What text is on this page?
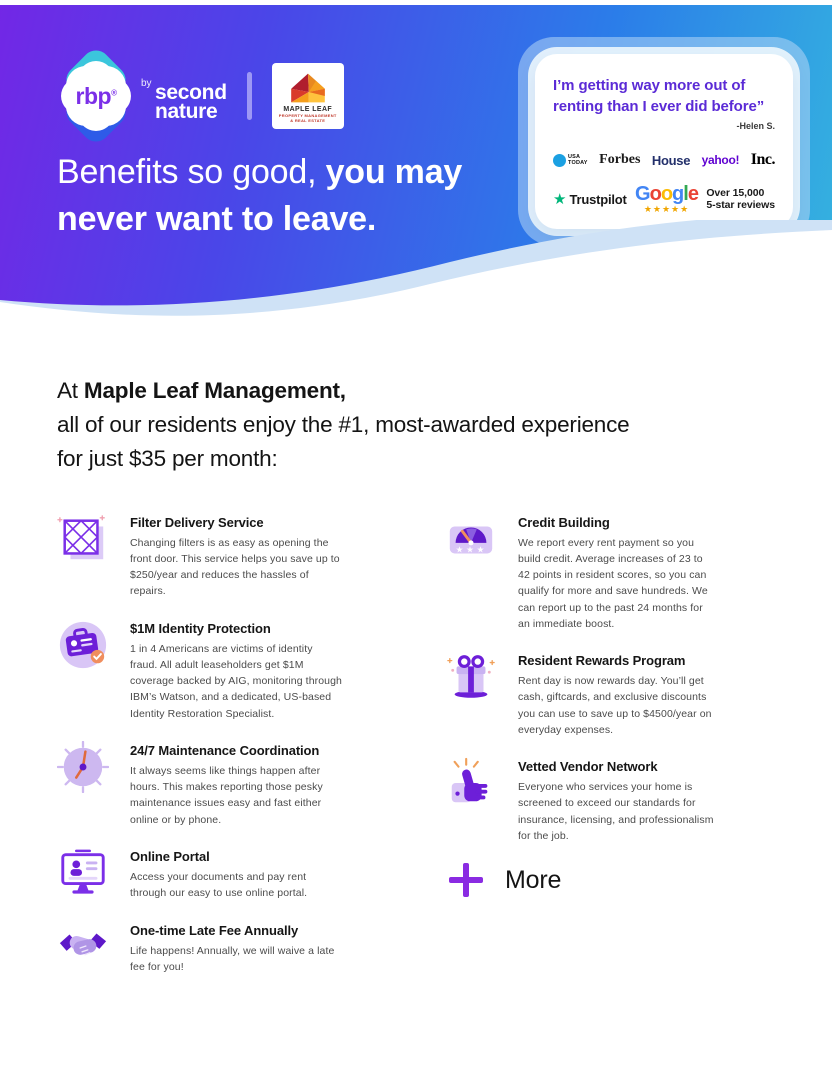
rbp®
by second
nature	MAPLE LEAF
PROPERTY MANAGEMENT
& REAL ESTATE
Benefits so good, you may never want to leave.
I’m getting way more out of renting than I ever did before”
-Helen S.
USA
TODAY Forbes House yahoo! Inc.
★ Trustpilot Google
★★★★★
Over 15,000
5-star reviews
At Maple Leaf Management,
all of our residents enjoy the #1, most-awarded experience
for just $35 per month:
Filter Delivery Service
Changing filters is as easy as opening the front door. This service helps you save up to $250/year and reduces the hassles of repairs.
$1M Identity Protection
1 in 4 Americans are victims of identity fraud. All adult leaseholders get $1M coverage backed by AIG, monitoring through IBM’s Watson, and a dedicated, US-based Identity Restoration Specialist.
24/7 Maintenance Coordination
It always seems like things happen after hours. This makes reporting those pesky maintenance issues easy and fast either online or by phone.
Online Portal
Access your documents and pay rent through our easy to use online portal.
One-time Late Fee Annually
Life happens! Annually, we will waive a late fee for you!
★ ★ ★
Credit Building
We report every rent payment so you build credit. Average increases of 23 to 42 points in resident scores, so you can qualify for more and save hundreds. We can report up to the past 24 months for an immediate boost.
Resident Rewards Program
Rent day is now rewards day. You’ll get cash, giftcards, and exclusive discounts you can use to save up to $4500/year on everyday expenses.
Vetted Vendor Network
Everyone who services your home is screened to exceed our standards for insurance, licensing, and professionalism for the job.
More
